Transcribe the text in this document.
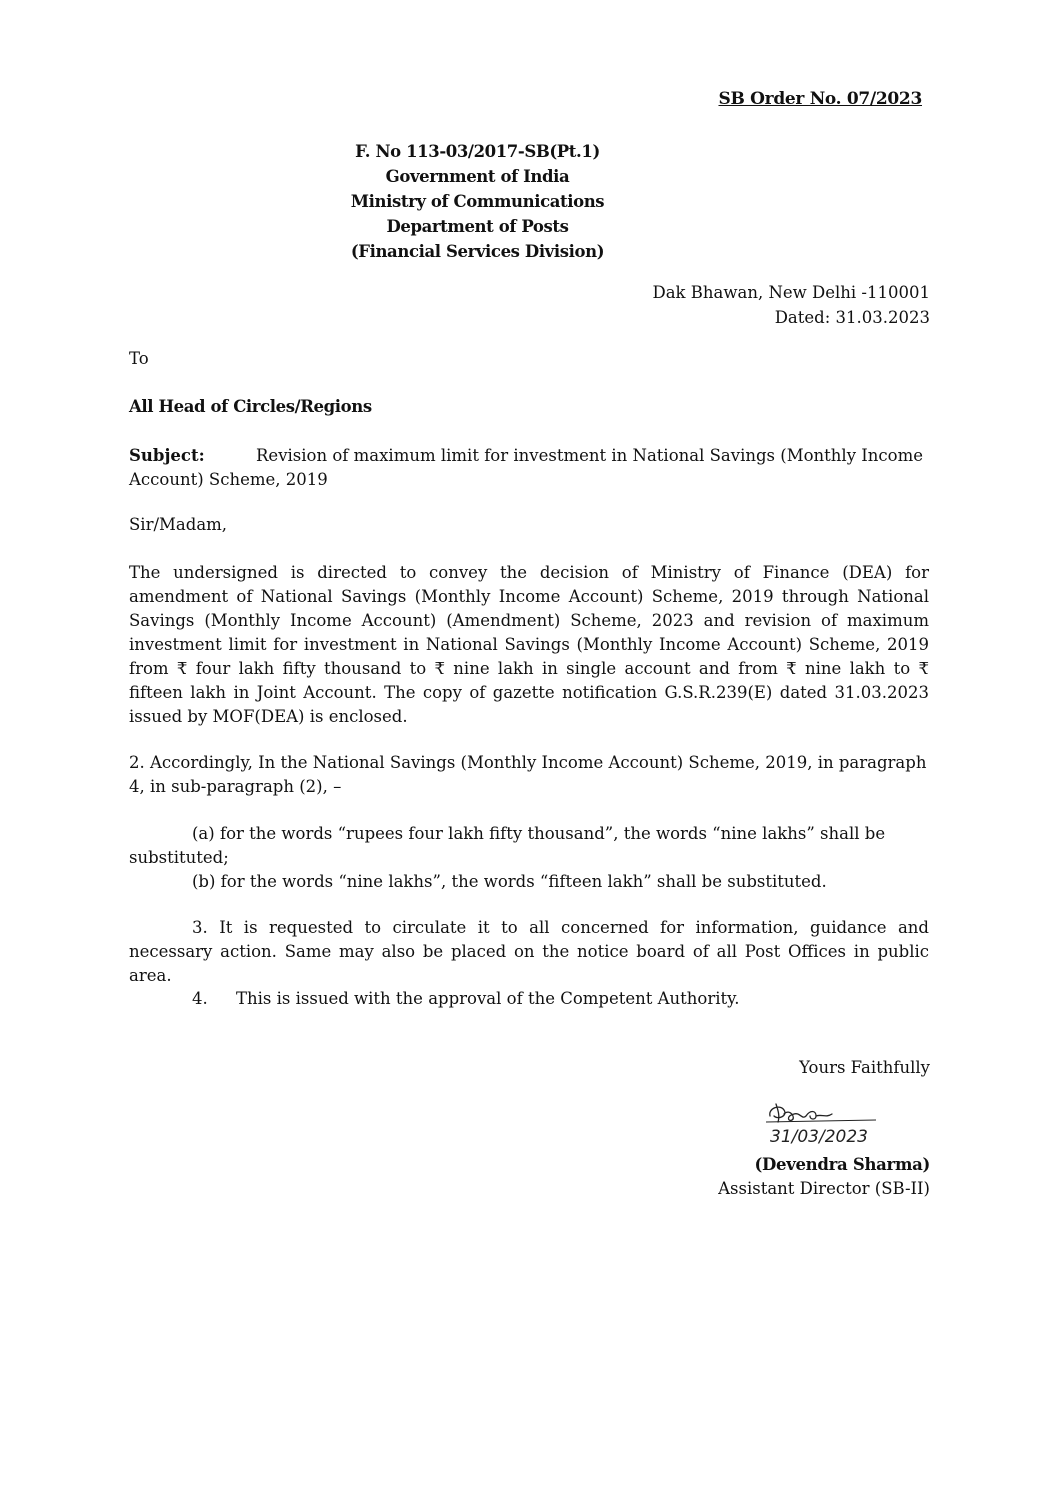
SB Order No. 07/2023
F. No 113-03/2017-SB(Pt.1)
Government of India
Ministry of Communications
Department of Posts
(Financial Services Division)
Dak Bhawan, New Delhi -110001
Dated: 31.03.2023
To
All Head of Circles/Regions
Subject:	Revision of maximum limit for investment in National Savings (Monthly Income Account) Scheme, 2019
Sir/Madam,
The undersigned is directed to convey the decision of Ministry of Finance (DEA) for amendment of National Savings (Monthly Income Account) Scheme, 2019 through National Savings (Monthly Income Account) (Amendment) Scheme, 2023 and revision of maximum investment limit for investment in National Savings (Monthly Income Account) Scheme, 2019 from ₹ four lakh fifty thousand to ₹ nine lakh in single account and from ₹ nine lakh to ₹ fifteen lakh in Joint Account. The copy of gazette notification G.S.R.239(E) dated 31.03.2023 issued by MOF(DEA) is enclosed.
2. Accordingly, In the National Savings (Monthly Income Account) Scheme, 2019, in paragraph 4, in sub-paragraph (2), –
(a) for the words “rupees four lakh fifty thousand”, the words “nine lakhs” shall be substituted;
(b) for the words “nine lakhs”, the words “fifteen lakh” shall be substituted.
3. It is requested to circulate it to all concerned for information, guidance and necessary action. Same may also be placed on the notice board of all Post Offices in public area.
4. This is issued with the approval of the Competent Authority.
Yours Faithfully
31/03/2023
(Devendra Sharma)
Assistant Director (SB-II)
